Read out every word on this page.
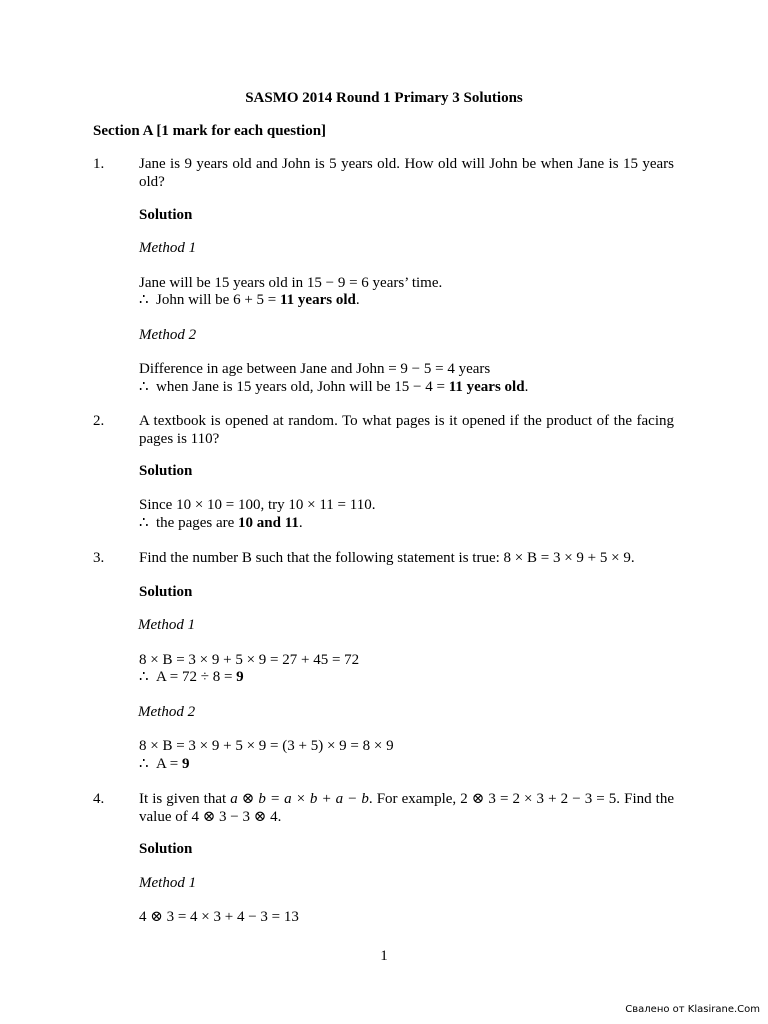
SASMO 2014 Round 1 Primary 3 Solutions
Section A [1 mark for each question]
1. Jane is 9 years old and John is 5 years old. How old will John be when Jane is 15 years old?
Solution
Method 1
Jane will be 15 years old in 15 − 9 = 6 years’ time.
∴ John will be 6 + 5 = 11 years old.
Method 2
Difference in age between Jane and John = 9 − 5 = 4 years
∴ when Jane is 15 years old, John will be 15 − 4 = 11 years old.
2. A textbook is opened at random. To what pages is it opened if the product of the facing pages is 110?
Solution
Since 10 × 10 = 100, try 10 × 11 = 110.
∴ the pages are 10 and 11.
3. Find the number B such that the following statement is true: 8 × B = 3 × 9 + 5 × 9.
Solution
Method 1
8 × B = 3 × 9 + 5 × 9 = 27 + 45 = 72
∴ A = 72 ÷ 8 = 9
Method 2
8 × B = 3 × 9 + 5 × 9 = (3 + 5) × 9 = 8 × 9
∴ A = 9
4. It is given that a ⊗ b = a × b + a − b. For example, 2 ⊗ 3 = 2 × 3 + 2 − 3 = 5. Find the value of 4 ⊗ 3 − 3 ⊗ 4.
Solution
Method 1
4 ⊗ 3 = 4 × 3 + 4 − 3 = 13
1
Свалено от Klasirane.Com
